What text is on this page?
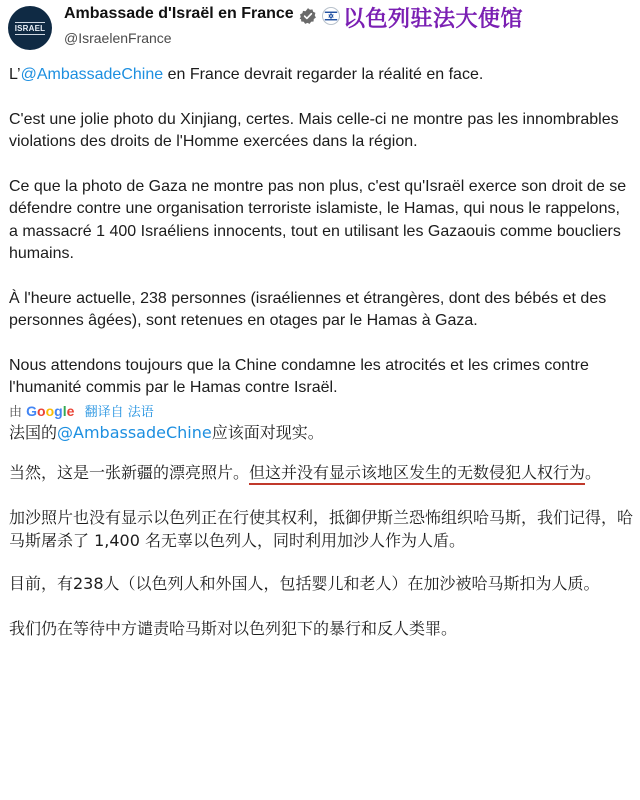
ISRAEL
Ambassade d'Israël en France 以色列驻法大使馆
@IsraelenFrance

L’@AmbassadeChine en France devrait regarder la réalité en face.

C'est une jolie photo du Xinjiang, certes. Mais celle-ci ne montre pas les innombrables violations des droits de l'Homme exercées dans la région.

Ce que la photo de Gaza ne montre pas non plus, c'est qu'Israël exerce son droit de se défendre contre une organisation terroriste islamiste, le Hamas, qui nous le rappelons, a massacré 1 400 Israéliens innocents, tout en utilisant les Gazaouis comme boucliers humains.

À l'heure actuelle, 238 personnes (israéliennes et étrangères, dont des bébés et des personnes âgées), sont retenues en otages par le Hamas à Gaza.

Nous attendons toujours que la Chine condamne les atrocités et les crimes contre l'humanité commis par le Hamas contre Israël.

由 Google 翻译自 法语

法国的@AmbassadeChine应该面对现实。

当然，这是一张新疆的漂亮照片。但这并没有显示该地区发生的无数侵犯人权行为。

加沙照片也没有显示以色列正在行使其权利，抵御伊斯兰恐怖组织哈马斯，我们记得，哈马斯屠杀了 1,400 名无辜以色列人，同时利用加沙人作为人盾。

目前，有238人（以色列人和外国人，包括婴儿和老人）在加沙被哈马斯扣为人质。

我们仍在等待中方谴责哈马斯对以色列犯下的暴行和反人类罪。
